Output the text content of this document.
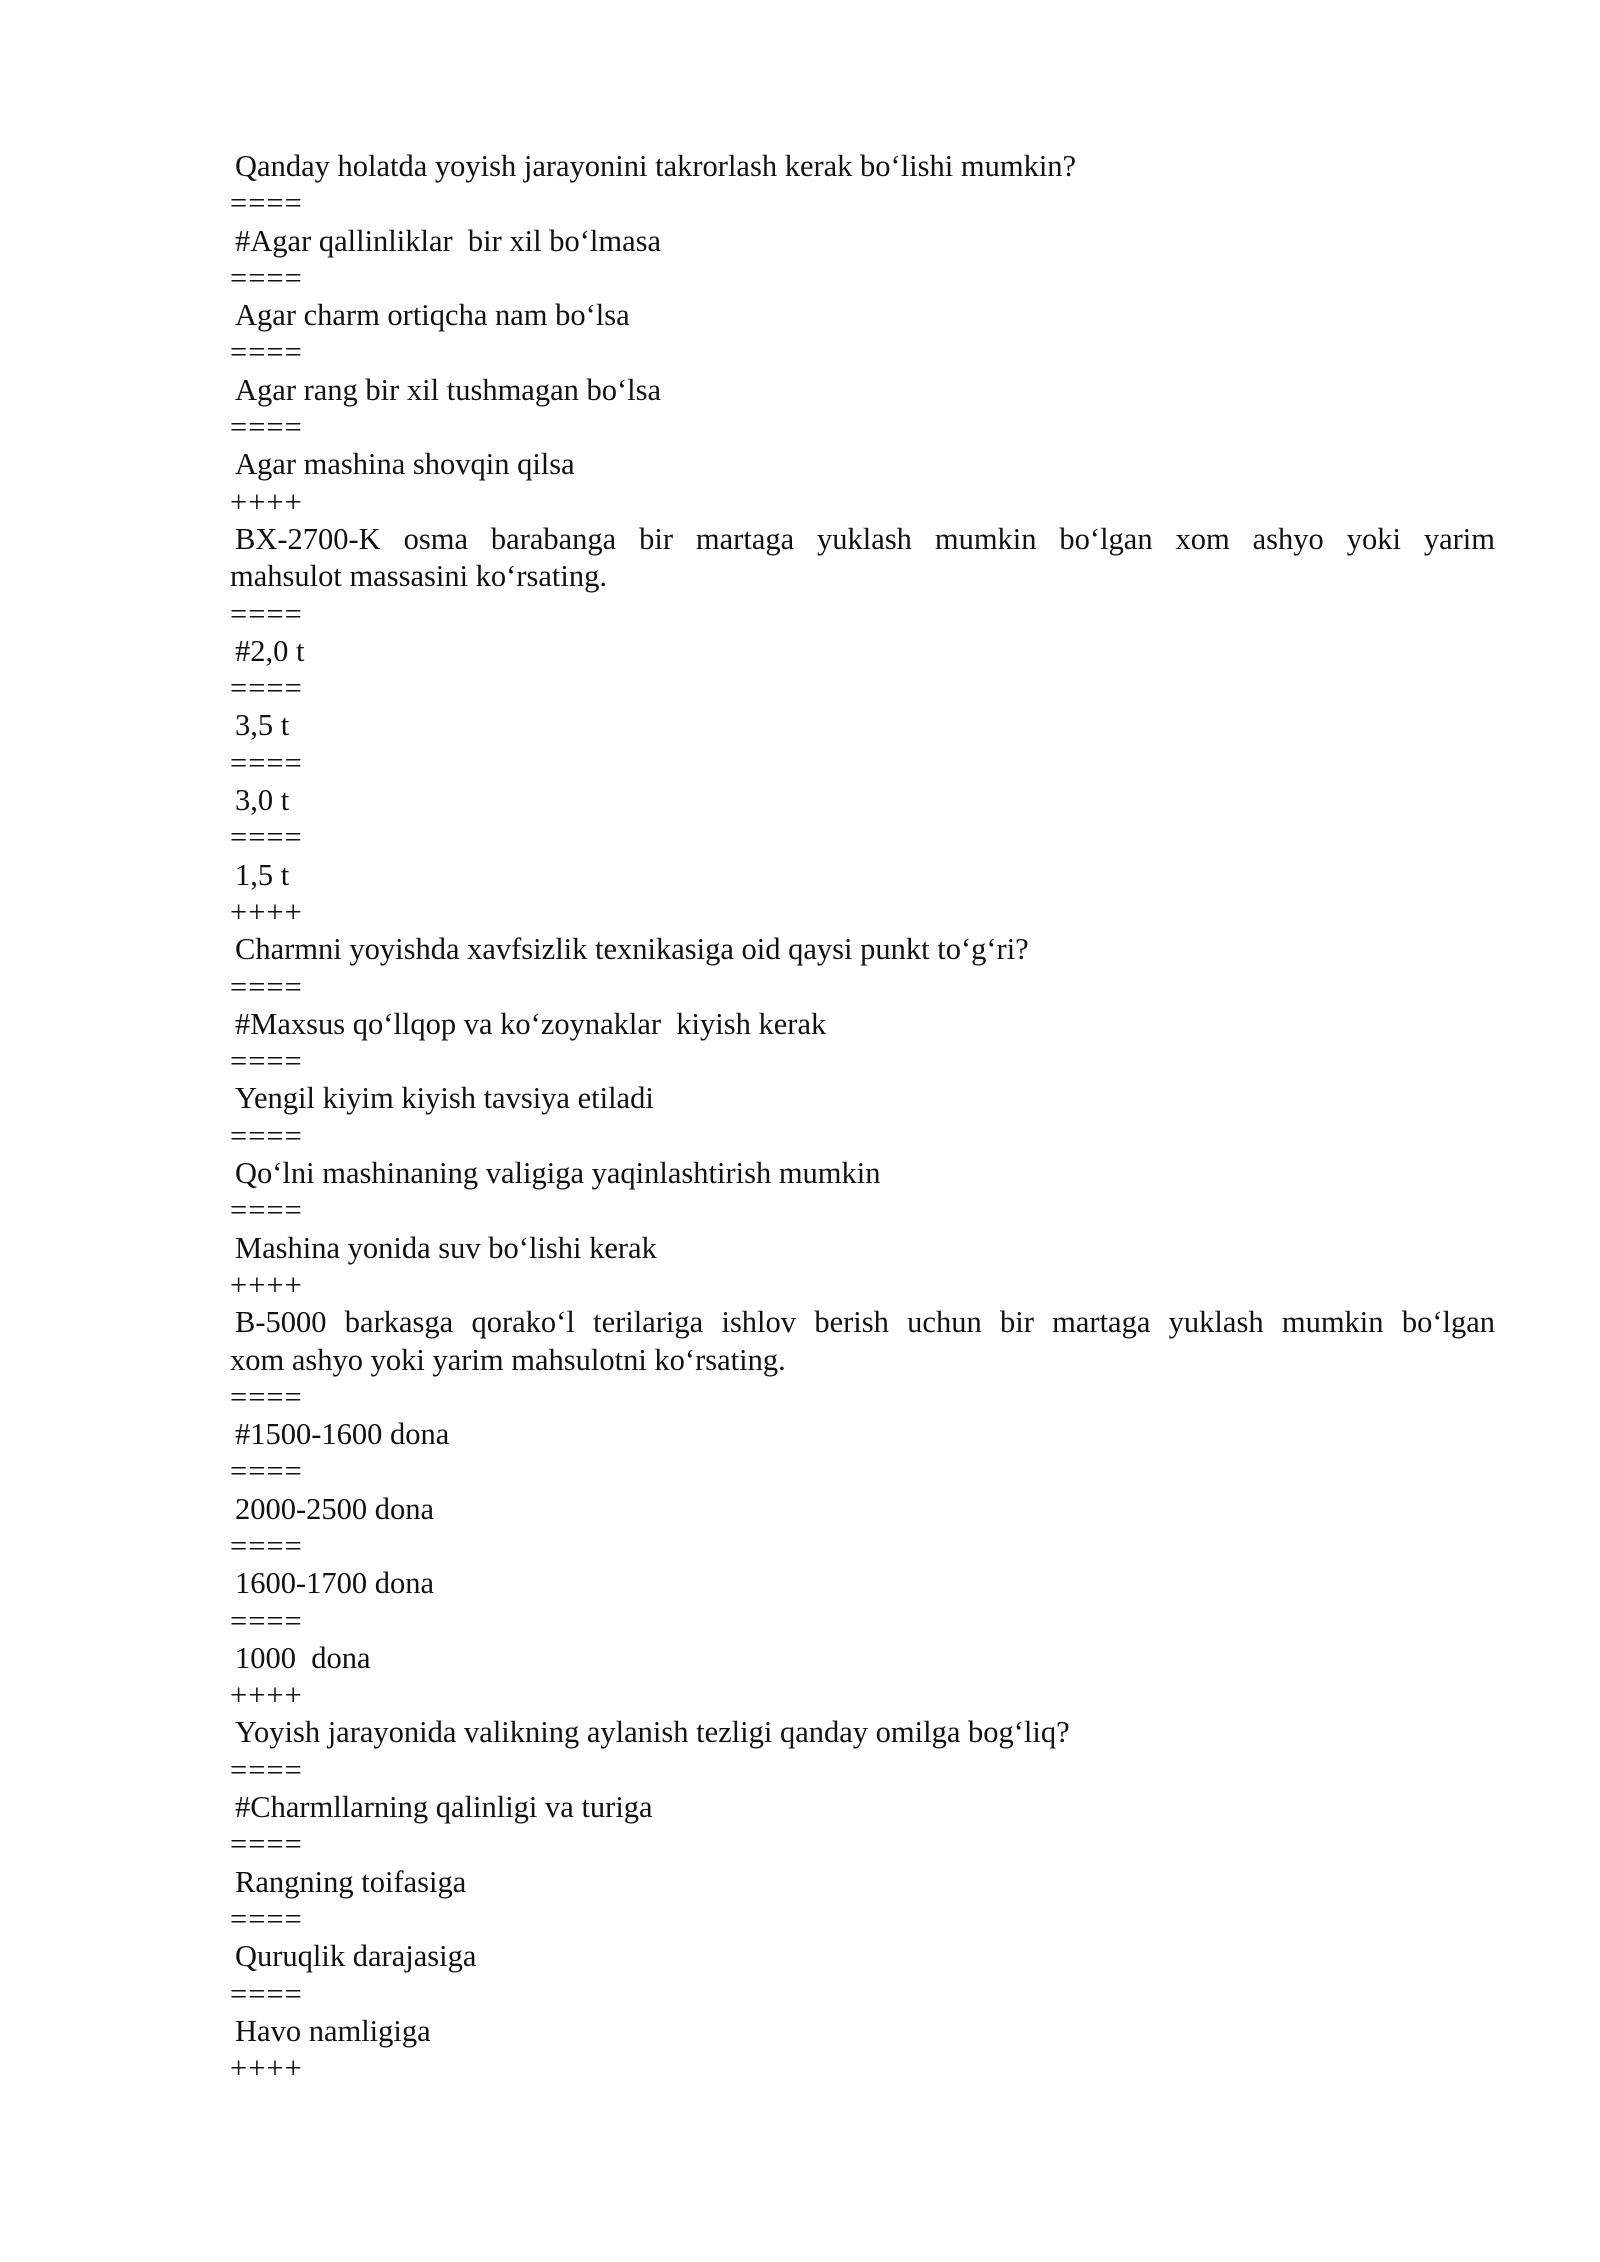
Qanday holatda yoyish jarayonini takrorlash kerak bo‘lishi mumkin?
====
#Agar qallinliklar  bir xil bo‘lmasa
====
Agar charm ortiqcha nam bo‘lsa
====
Agar rang bir xil tushmagan bo‘lsa
====
Agar mashina shovqin qilsa
++++
BX-2700-K osma barabanga bir martaga yuklash mumkin bo‘lgan xom ashyo yoki yarim
mahsulot massasini ko‘rsating.
====
#2,0 t
====
3,5 t
====
3,0 t
====
1,5 t
++++
Charmni yoyishda xavfsizlik texnikasiga oid qaysi punkt to‘g‘ri?
====
#Maxsus qo‘llqop va ko‘zoynaklar  kiyish kerak
====
Yengil kiyim kiyish tavsiya etiladi
====
Qo‘lni mashinaning valigiga yaqinlashtirish mumkin
====
Mashina yonida suv bo‘lishi kerak
++++
B-5000 barkasga qorako‘l terilariga ishlov berish uchun bir martaga yuklash mumkin bo‘lgan
xom ashyo yoki yarim mahsulotni ko‘rsating.
====
#1500-1600 dona
====
2000-2500 dona
====
1600-1700 dona
====
1000  dona
++++
Yoyish jarayonida valikning aylanish tezligi qanday omilga bog‘liq?
====
#Charmllarning qalinligi va turiga
====
Rangning toifasiga
====
Quruqlik darajasiga
====
Havo namligiga
++++
